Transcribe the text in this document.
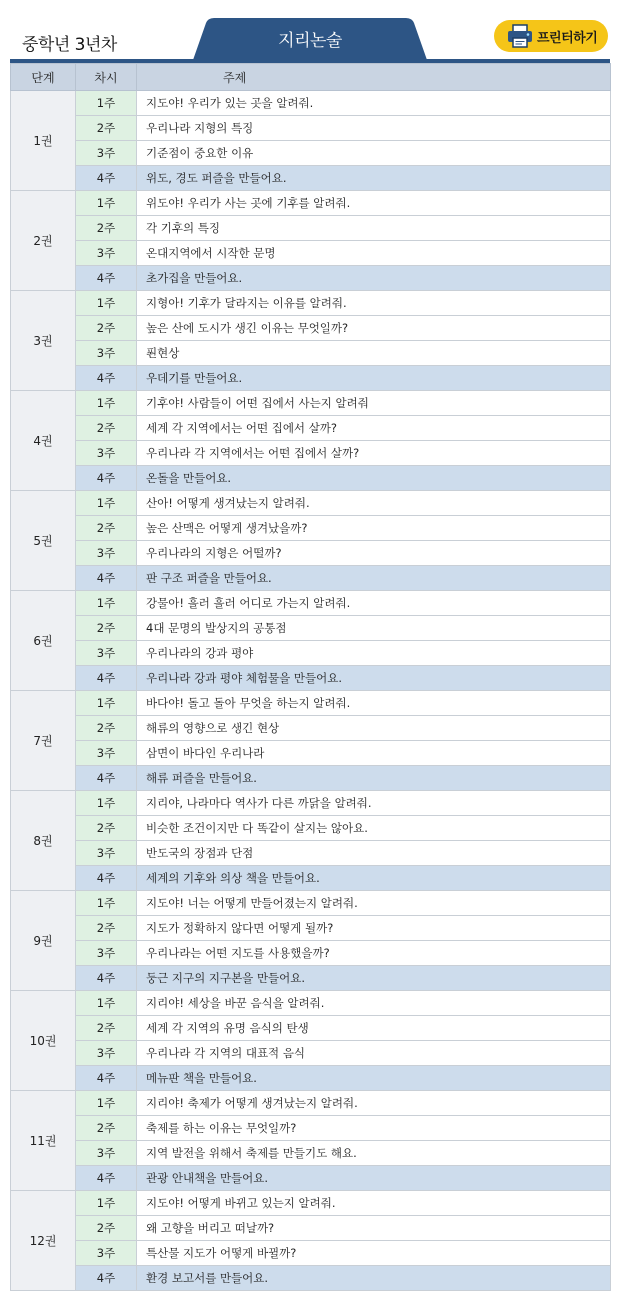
중학년 3년차	지리논술	프린터하기
단계	차시	주제
1권	1주	지도야! 우리가 있는 곳을 알려줘.
	2주	우리나라 지형의 특징
	3주	기준점이 중요한 이유
	4주	위도, 경도 퍼즐을 만들어요.
2권	1주	위도야! 우리가 사는 곳에 기후를 알려줘.
	2주	각 기후의 특징
	3주	온대지역에서 시작한 문명
	4주	초가집을 만들어요.
3권	1주	지형아! 기후가 달라지는 이유를 알려줘.
	2주	높은 산에 도시가 생긴 이유는 무엇일까?
	3주	푄현상
	4주	우데기를 만들어요.
4권	1주	기후야! 사람들이 어떤 집에서 사는지 알려줘
	2주	세계 각 지역에서는 어떤 집에서 살까?
	3주	우리나라 각 지역에서는 어떤 집에서 살까?
	4주	온돌을 만들어요.
5권	1주	산아! 어떻게 생겨났는지 알려줘.
	2주	높은 산맥은 어떻게 생겨났을까?
	3주	우리나라의 지형은 어떨까?
	4주	판 구조 퍼즐을 만들어요.
6권	1주	강물아! 흘러 흘러 어디로 가는지 알려줘.
	2주	4대 문명의 발상지의 공통점
	3주	우리나라의 강과 평야
	4주	우리나라 강과 평야 체험물을 만들어요.
7권	1주	바다야! 돌고 돌아 무엇을 하는지 알려줘.
	2주	해류의 영향으로 생긴 현상
	3주	삼면이 바다인 우리나라
	4주	해류 퍼즐을 만들어요.
8권	1주	지리야, 나라마다 역사가 다른 까닭을 알려줘.
	2주	비슷한 조건이지만 다 똑같이 살지는 않아요.
	3주	반도국의 장점과 단점
	4주	세계의 기후와 의상 책을 만들어요.
9권	1주	지도야! 너는 어떻게 만들어졌는지 알려줘.
	2주	지도가 정확하지 않다면 어떻게 될까?
	3주	우리나라는 어떤 지도를 사용했을까?
	4주	둥근 지구의 지구본을 만들어요.
10권	1주	지리야! 세상을 바꾼 음식을 알려줘.
	2주	세계 각 지역의 유명 음식의 탄생
	3주	우리나라 각 지역의 대표적 음식
	4주	메뉴판 책을 만들어요.
11권	1주	지리야! 축제가 어떻게 생겨났는지 알려줘.
	2주	축제를 하는 이유는 무엇일까?
	3주	지역 발전을 위해서 축제를 만들기도 해요.
	4주	관광 안내책을 만들어요.
12권	1주	지도야! 어떻게 바뀌고 있는지 알려줘.
	2주	왜 고향을 버리고 떠날까?
	3주	특산물 지도가 어떻게 바뀔까?
	4주	환경 보고서를 만들어요.
